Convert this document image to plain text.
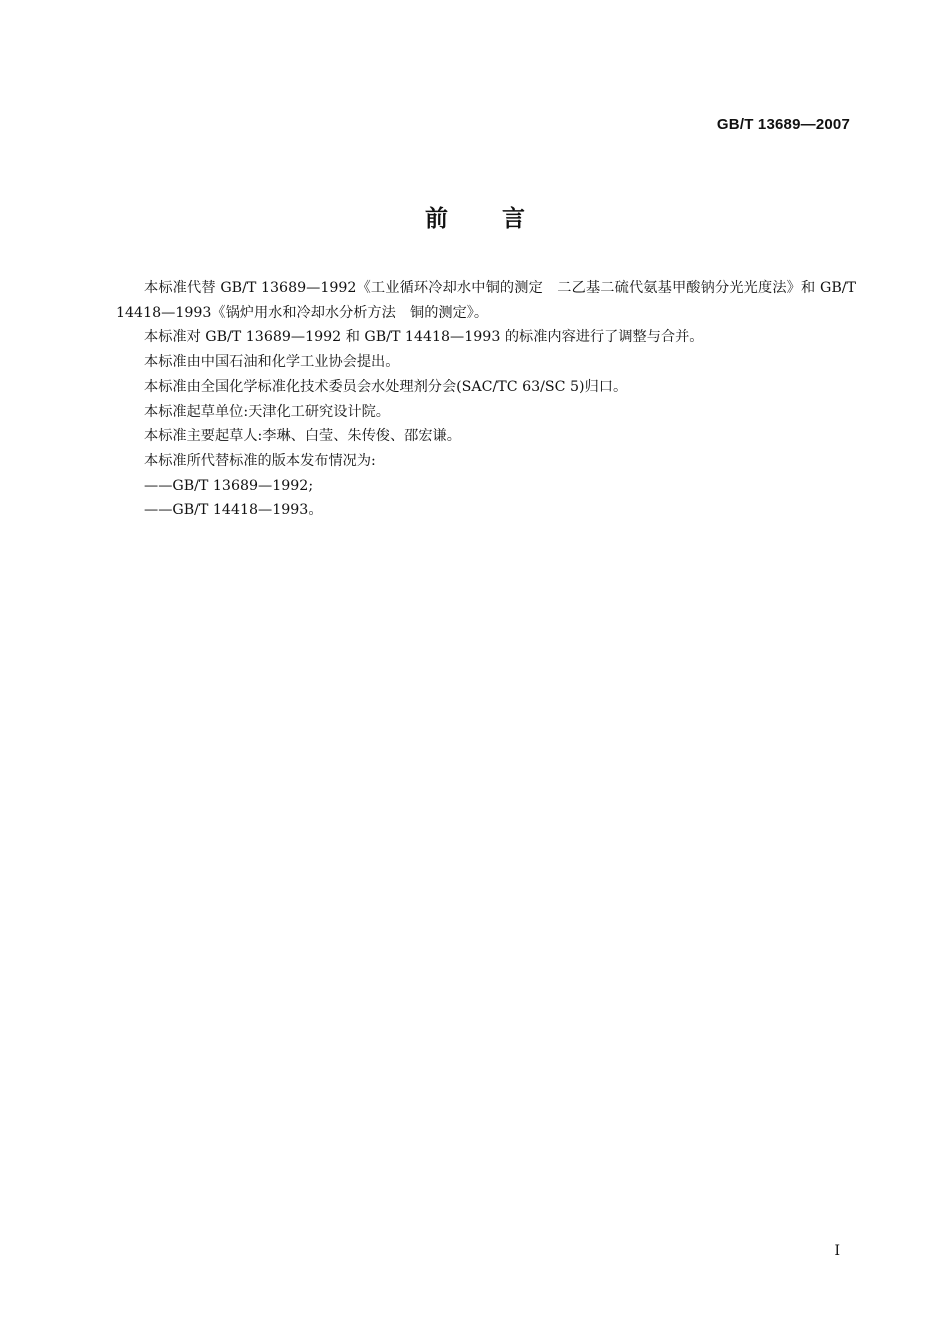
GB/T 13689—2007
前言

本标准代替 GB/T 13689—1992《工业循环冷却水中铜的测定　二乙基二硫代氨基甲酸钠分光光度法》和 GB/T 14418—1993《锅炉用水和冷却水分析方法　铜的测定》。

本标准对 GB/T 13689—1992 和 GB/T 14418—1993 的标准内容进行了调整与合并。

本标准由中国石油和化学工业协会提出。

本标准由全国化学标准化技术委员会水处理剂分会(SAC/TC 63/SC 5)归口。

本标准起草单位:天津化工研究设计院。

本标准主要起草人:李琳、白莹、朱传俊、邵宏谦。

本标准所代替标准的版本发布情况为:

——GB/T 13689—1992;

——GB/T 14418—1993。

I
